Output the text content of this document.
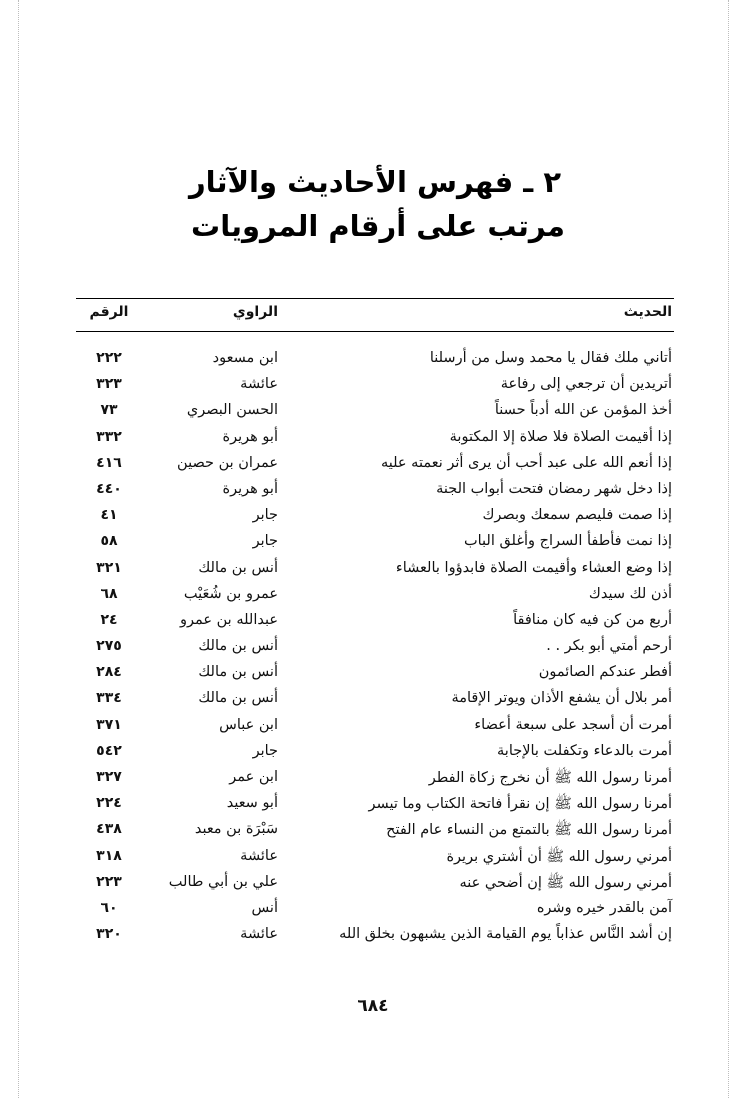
٢ ـ فهرس الأحاديث والآثار
مرتب على أرقام المرويات
الحديث
الراوي
الرقم
أتاني ملك فقال يا محمد وسل من أرسلنا
ابن مسعود
٢٢٢
أتريدين أن ترجعي إلى رفاعة
عائشة
٣٢٣
أخذ المؤمن عن الله أدباً حسناً
الحسن البصري
٧٣
إذا أقيمت الصلاة فلا صلاة إلا المكتوبة
أبو هريرة
٣٣٢
إذا أنعم الله على عبد أحب أن يرى أثر نعمته عليه
عمران بن حصين
٤١٦
إذا دخل شهر رمضان فتحت أبواب الجنة
أبو هريرة
٤٤٠
إذا صمت فليصم سمعك وبصرك
جابر
٤١
إذا نمت فأطفأ السراج وأغلق الباب
جابر
٥٨
إذا وضع العشاء وأقيمت الصلاة فابدؤوا بالعشاء
أنس بن مالك
٣٢١
أذن لك سيدك
عمرو بن شُعَيْب
٦٨
أربع من كن فيه كان منافقاً
عبدالله بن عمرو
٢٤
أرحم أمتي أبو بكر . .
أنس بن مالك
٢٧٥
أفطر عندكم الصائمون
أنس بن مالك
٢٨٤
أمر بلال أن يشفع الأذان ويوتر الإقامة
أنس بن مالك
٣٣٤
أمرت أن أسجد على سبعة أعضاء
ابن عباس
٣٧١
أمرت بالدعاء وتكفلت بالإجابة
جابر
٥٤٢
أمرنا رسول الله ﷺ أن نخرج زكاة الفطر
ابن عمر
٣٢٧
أمرنا رسول الله ﷺ إن نقرأ فاتحة الكتاب وما تيسر
أبو سعيد
٢٢٤
أمرنا رسول الله ﷺ بالتمتع من النساء عام الفتح
سَبْرَة بن معبد
٤٣٨
أمرني رسول الله ﷺ أن أشتري بريرة
عائشة
٣١٨
أمرني رسول الله ﷺ إن أضحي عنه
علي بن أبي طالب
٢٢٣
آمن بالقدر خيره وشره
أنس
٦٠
إن أشد النَّاس عذاباً يوم القيامة الذين يشبهون بخلق الله
عائشة
٣٢٠
٦٨٤
